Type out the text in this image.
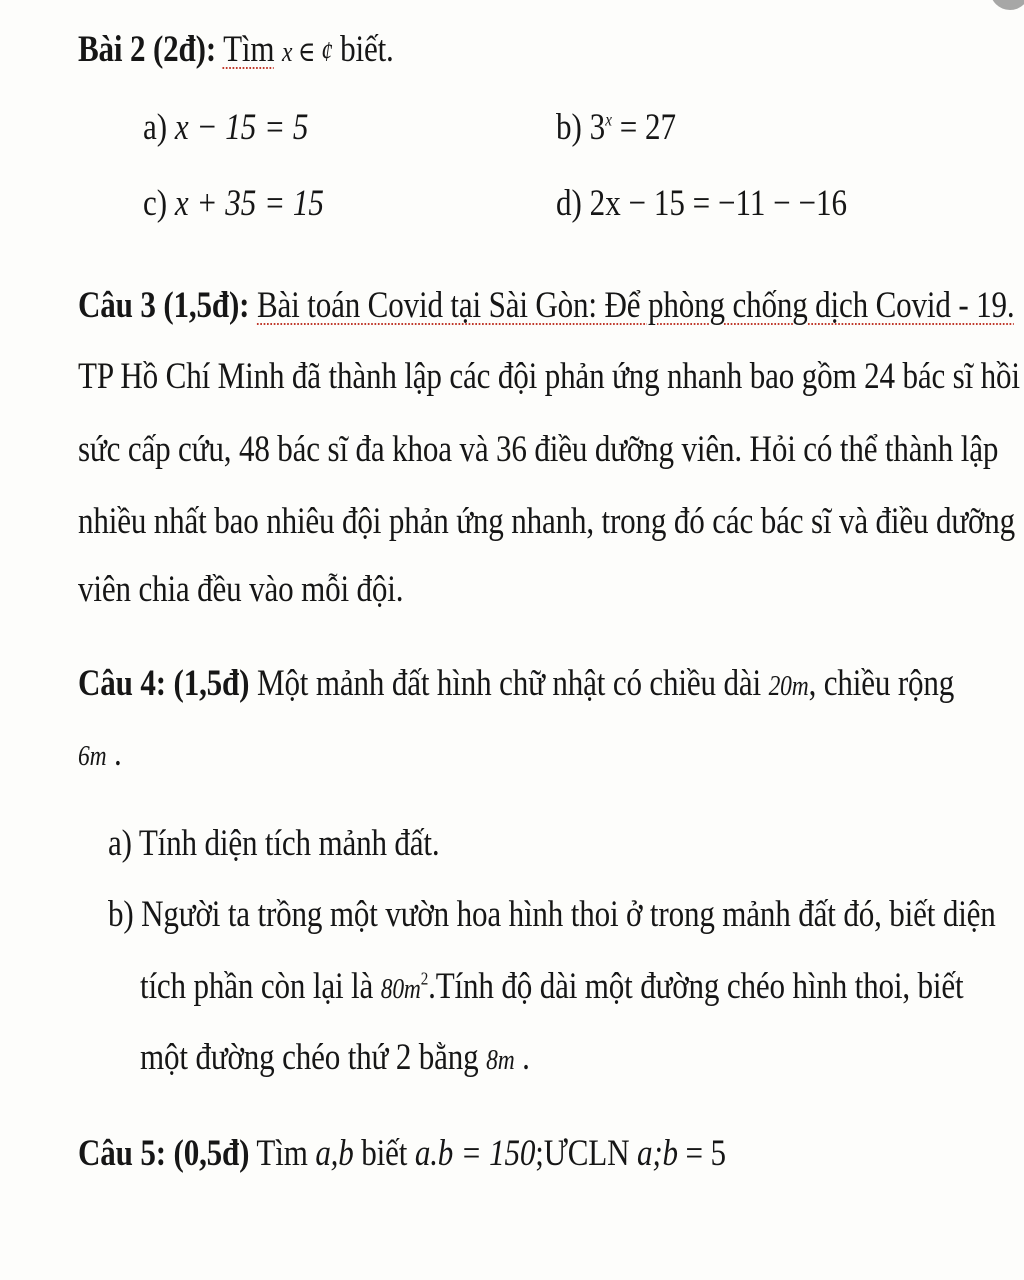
Bài 2 (2đ): Tìm x ∈ ¢ biết.
a) x − 15 = 5	b) $3^x = 27$
c) x + 35 = 15	d) 2x − 15 = −11 − −16
Câu 3 (1,5đ): Bài toán Covid tại Sài Gòn: Để phòng chống dịch Covid - 19.
TP Hồ Chí Minh đã thành lập các đội phản ứng nhanh bao gồm 24 bác sĩ hồi
sức cấp cứu, 48 bác sĩ đa khoa và 36 điều dưỡng viên. Hỏi có thể thành lập
nhiều nhất bao nhiêu đội phản ứng nhanh, trong đó các bác sĩ và điều dưỡng
viên chia đều vào mỗi đội.
Câu 4: (1,5đ) Một mảnh đất hình chữ nhật có chiều dài 20m, chiều rộng
6m .
a) Tính diện tích mảnh đất.
b) Người ta trồng một vườn hoa hình thoi ở trong mảnh đất đó, biết diện
tích phần còn lại là $80m^2.Tính$ độ dài một đường chéo hình thoi, biết
một đường chéo thứ 2 bằng 8m .
Câu 5: (0,5đ) Tìm a,b biết a.b = 150;ƯCLN a;b = 5
